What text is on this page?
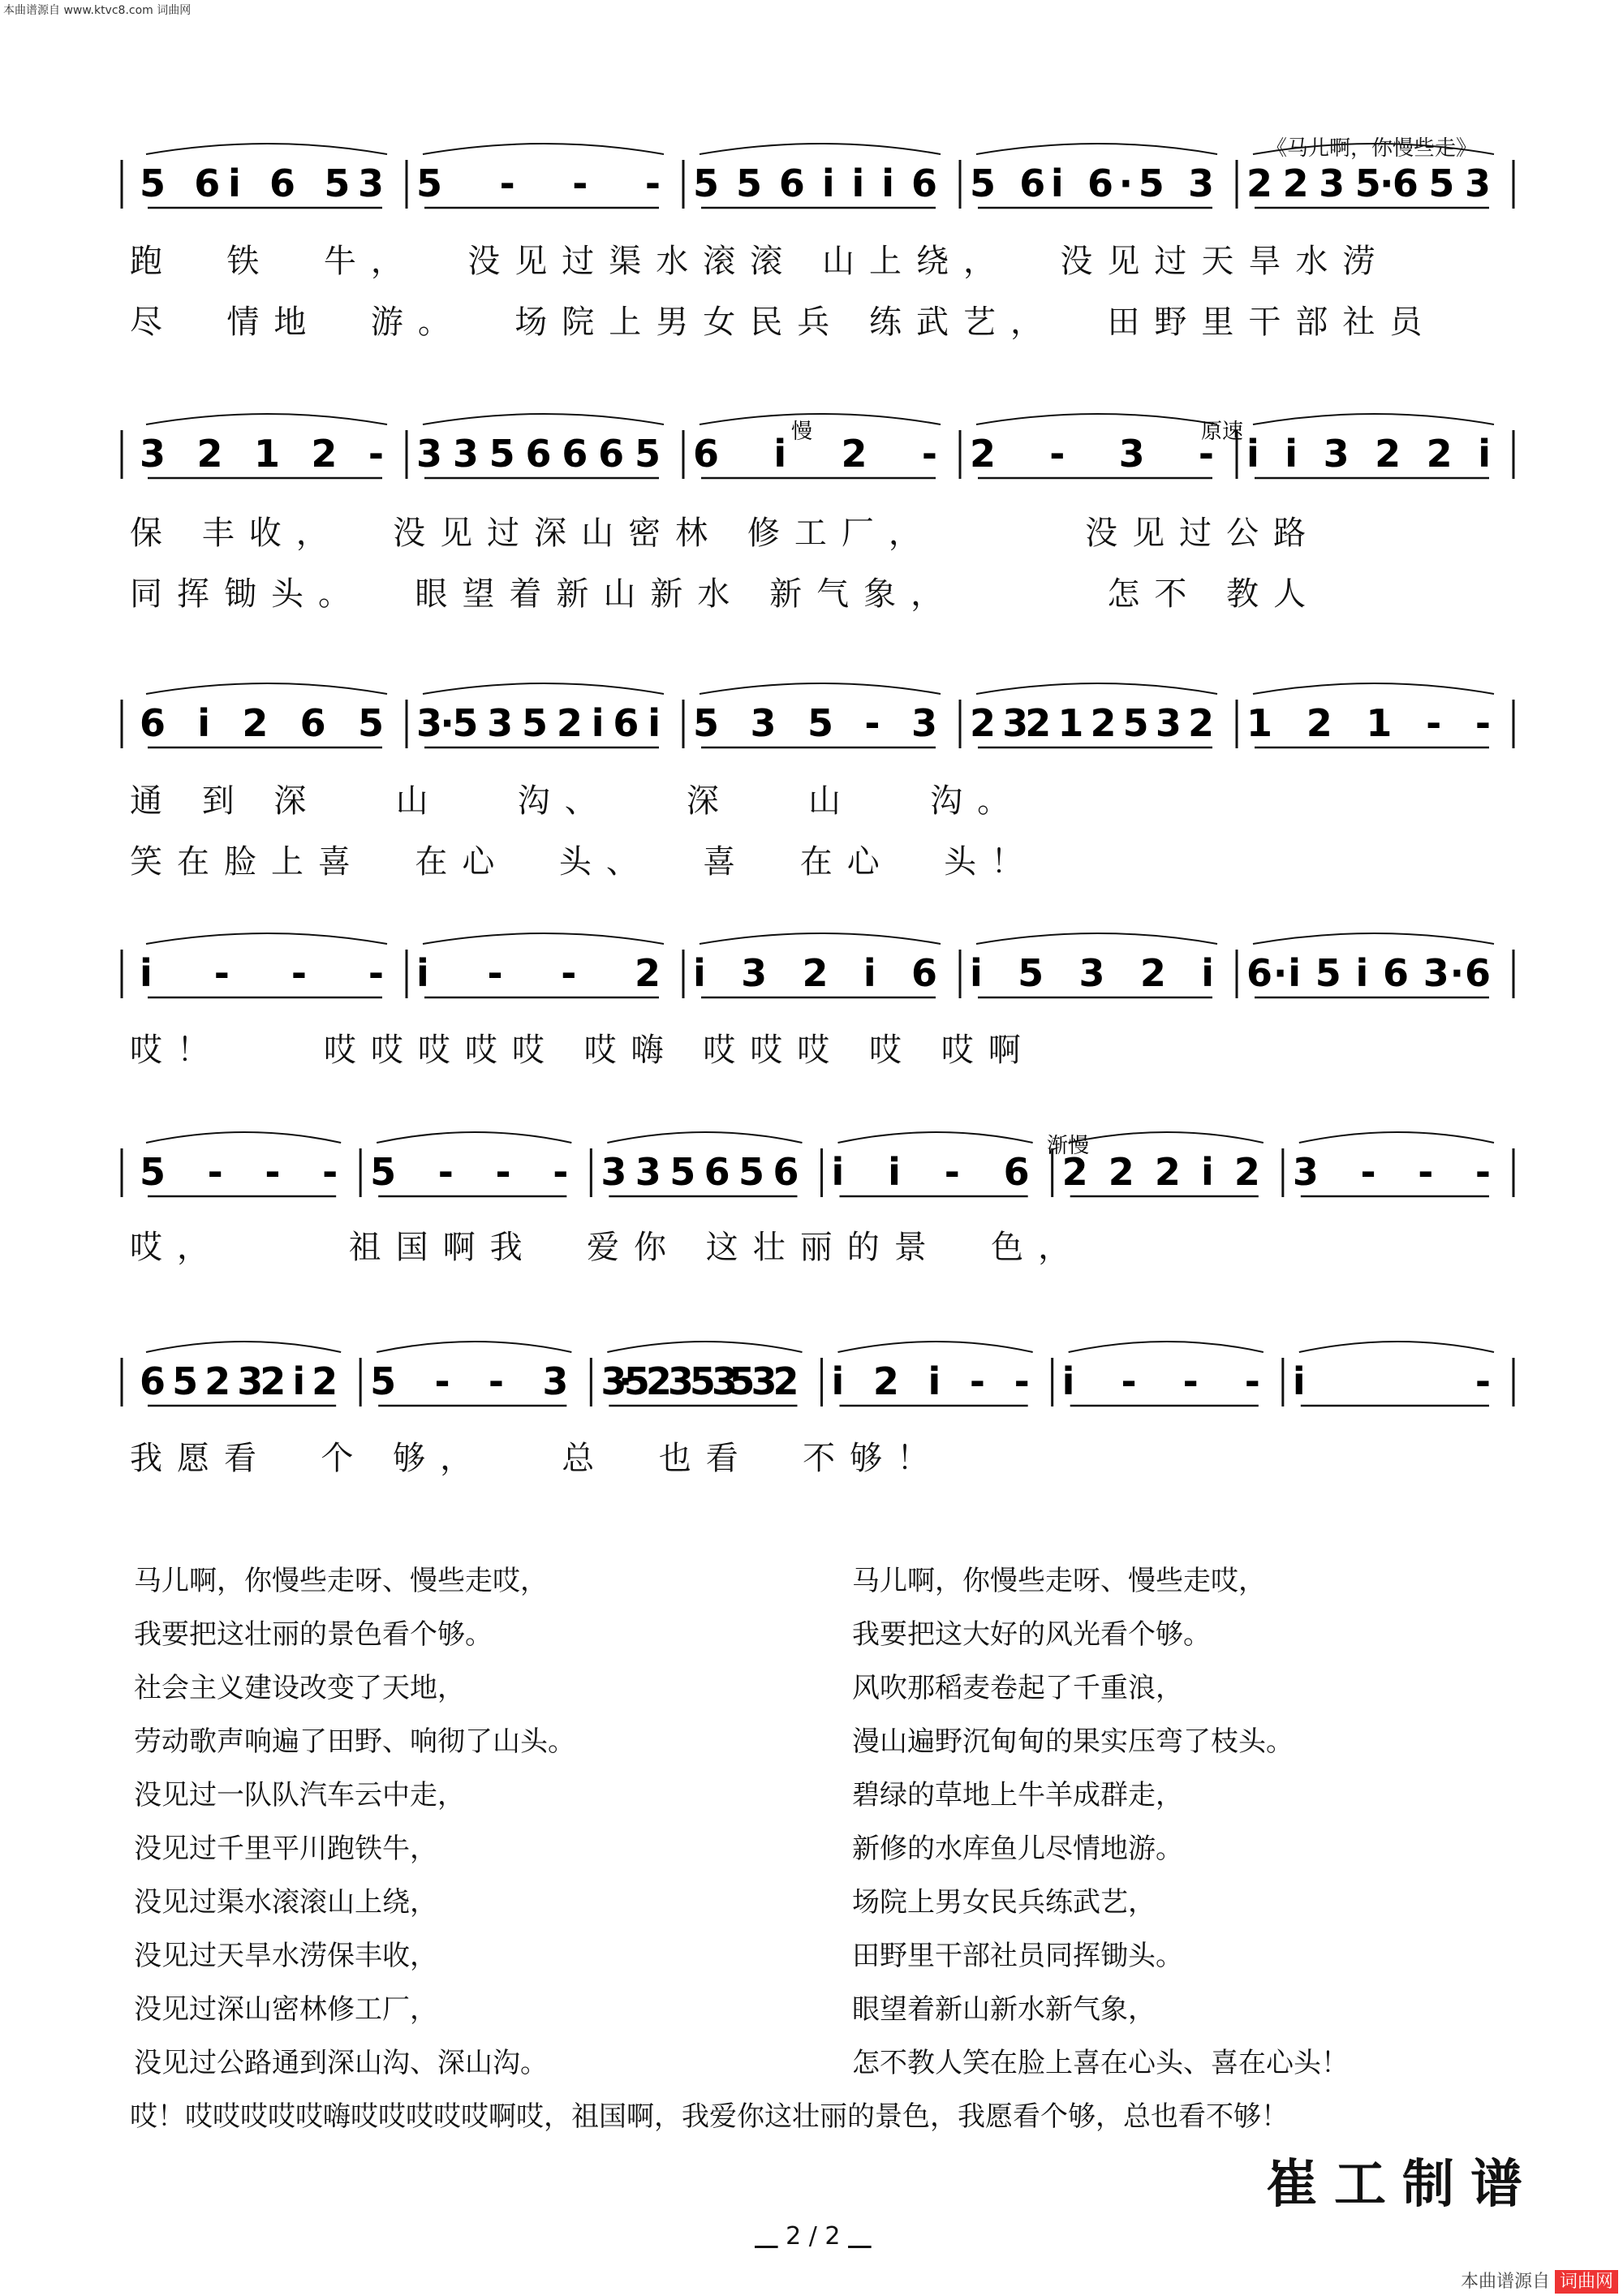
本曲谱源自 www.ktvc8.com 词曲网
《马儿啊，你慢些走》
5 6i 6 53 5 - - - 5 5 6 i i i 6 5 6i 6·5 3 2 2 3 5·6 5 3
3 2 1 2 - 3 3 5 6 6 6 5 6 i 2 - 2 - 3 - i i 3 2 2 i
6 i 2 6 5 3·5 3 5 2 i 6 i 5 3 5 - 3 2 32 1 2 5 3 2 1 2 1 - -
i - - - i - - 2 i 3 2 i 6 i 5 3 2 i 6·i 5 i 6 3·6
5 - - - 5 - - - 3 3 5 6 5 6 i i - 6 2 2 2 i 2 3 - - -
6 5 2 32 i 2 5 - - 3 3·5 2 3 5 35 3 2 i 2 i - - i - - - i -
慢	原速
渐慢
跑  铁  牛，  没见过渠水滚滚 山上绕，  没见过天旱水涝
尽  情地  游。  场院上男女民兵 练武艺，  田野里干部社员
保 丰收，  没见过深山密林 修工厂，      没见过公路
同挥锄头。  眼望着新山新水 新气象，      怎不 教人
通 到 深   山   沟、   深   山   沟。
笑在脸上喜  在心  头、  喜  在心  头！
哎！    哎哎哎哎哎 哎嗨 哎哎哎 哎 哎啊
哎，     祖国啊我  爱你 这壮丽的景  色，
我愿看  个 够，   总  也看  不够！
马儿啊，你慢些走呀、慢些走哎，
我要把这壮丽的景色看个够。
社会主义建设改变了天地，
劳动歌声响遍了田野、响彻了山头。
没见过一队队汽车云中走，
没见过千里平川跑铁牛，
没见过渠水滚滚山上绕，
没见过天旱水涝保丰收，
没见过深山密林修工厂，
没见过公路通到深山沟、深山沟。
马儿啊，你慢些走呀、慢些走哎，
我要把这大好的风光看个够。
风吹那稻麦卷起了千重浪，
漫山遍野沉甸甸的果实压弯了枝头。
碧绿的草地上牛羊成群走，
新修的水库鱼儿尽情地游。
场院上男女民兵练武艺，
田野里干部社员同挥锄头。
眼望着新山新水新气象，
怎不教人笑在脸上喜在心头、喜在心头！
哎！哎哎哎哎哎嗨哎哎哎哎哎啊哎，祖国啊，我爱你这壮丽的景色，我愿看个够，总也看不够！
崔工制谱
2 / 2
本曲谱源自 词曲网
